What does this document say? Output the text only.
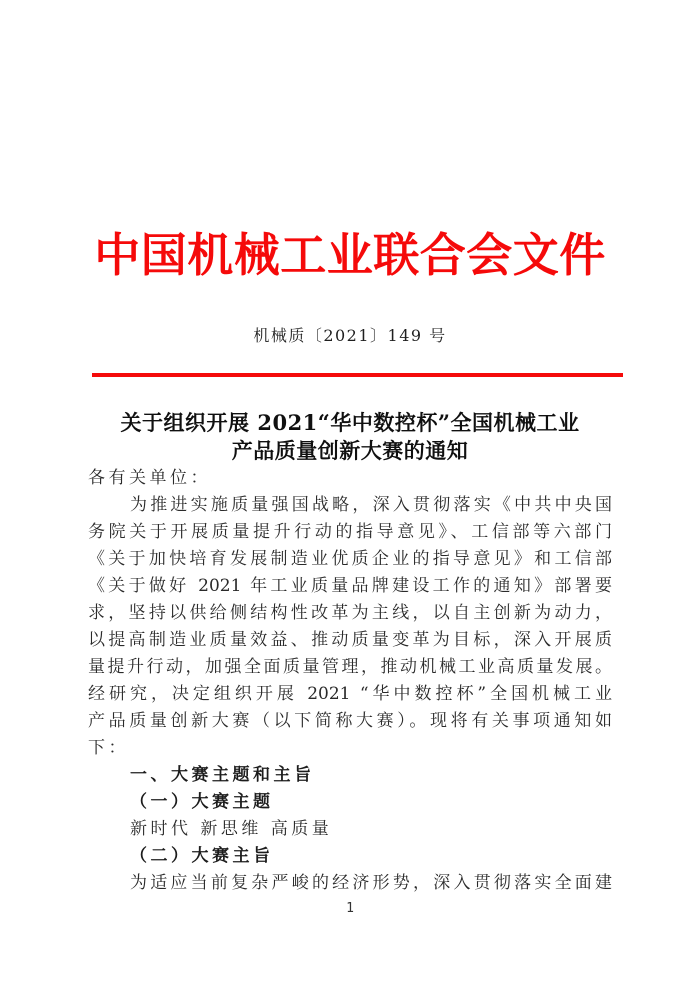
中国机械工业联合会文件
机械质〔2021〕149 号
关于组织开展 2021“华中数控杯”全国机械工业
产品质量创新大赛的通知
各有关单位：
为推进实施质量强国战略，深入贯彻落实《中共中央国
务院关于开展质量提升行动的指导意见》、工信部等六部门
《关于加快培育发展制造业优质企业的指导意见》和工信部
《关于做好 2021 年工业质量品牌建设工作的通知》部署要
求，坚持以供给侧结构性改革为主线，以自主创新为动力，
以提高制造业质量效益、推动质量变革为目标，深入开展质
量提升行动，加强全面质量管理，推动机械工业高质量发展。
经研究，决定组织开展 2021 “华中数控杯”全国机械工业
产品质量创新大赛（以下简称大赛）。现将有关事项通知如
下：
一、大赛主题和主旨
（一）大赛主题
新时代 新思维 高质量
（二）大赛主旨
为适应当前复杂严峻的经济形势，深入贯彻落实全面建
1
